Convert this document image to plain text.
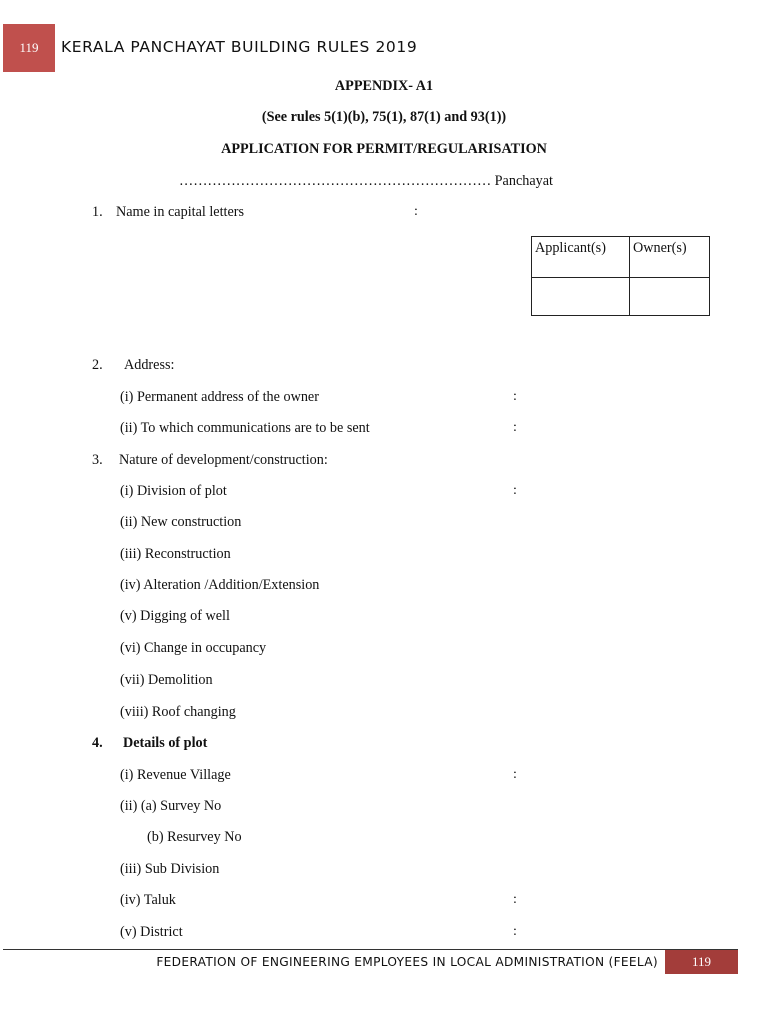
119 KERALA PANCHAYAT BUILDING RULES 2019
APPENDIX- A1
(See rules 5(1)(b), 75(1), 87(1) and 93(1))
APPLICATION FOR PERMIT/REGULARISATION
………………………………………………………… Panchayat
1. Name in capital letters	:
Applicant(s)	Owner(s)

2. Address:
(i) Permanent address of the owner	:
(ii) To which communications are to be sent	:
3. Nature of development/construction:
(i) Division of plot	:
(ii) New construction
(iii) Reconstruction
(iv) Alteration /Addition/Extension
(v) Digging of well
(vi) Change in occupancy
(vii) Demolition
(viii) Roof changing
4. Details of plot
(i) Revenue Village	:
(ii) (a) Survey No
(b) Resurvey No
(iii) Sub Division
(iv) Taluk	:
(v) District	:
FEDERATION OF ENGINEERING EMPLOYEES IN LOCAL ADMINISTRATION (FEELA)	119
